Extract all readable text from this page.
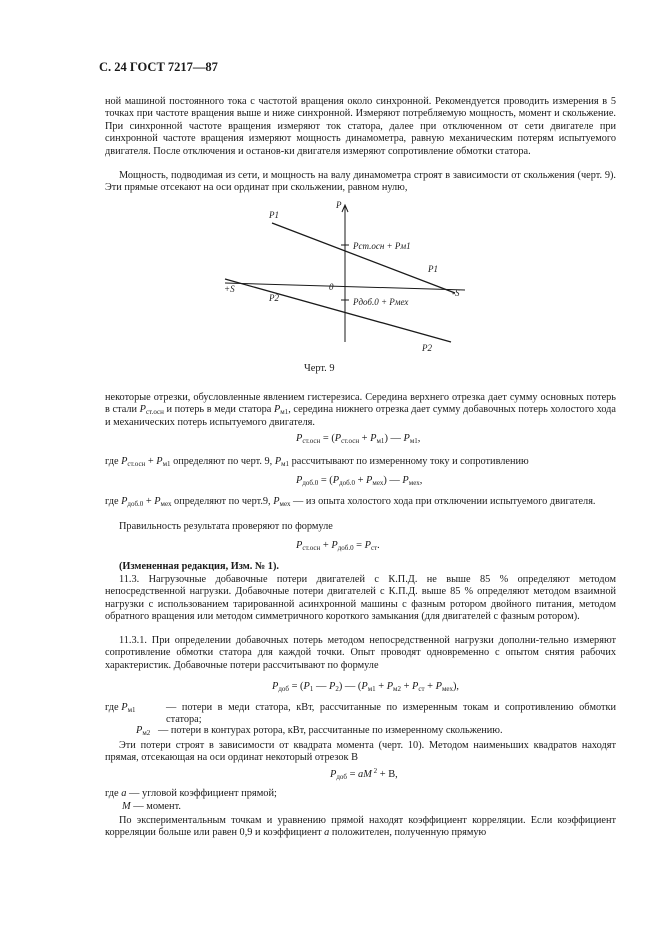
С. 24 ГОСТ 7217—87

ной машиной постоянного тока с частотой вращения около синхронной. Рекомендуется проводить измерения в 5 точках при частоте вращения выше и ниже синхронной. Измеряют потребляемую мощность, момент и скольжение. При синхронной частоте вращения измеряют ток статора, далее при отключенном от сети двигателе при синхронной частоте вращения измеряют мощность динамометра, равную механическим потерям испытуемого двигателя. После отключения и останов-ки двигателя измеряют сопротивление обмотки статора.

Мощность, подводимая из сети, и мощность на валу динамометра строят в зависимости от скольжения (черт. 9). Эти прямые отсекают на оси ординат при скольжении, равном нулю,

P1
P
Pст.осн + Pм1
P1
+S	0
-S
P2	Pдоб.0 + Pмех
P2
Черт. 9

некоторые отрезки, обусловленные явлением гистерезиса. Середина верхнего отрезка дает сумму основных потерь в стали $P_{ст.осн}$ и потерь в меди статора $P_{м1}$, середина нижнего отрезка дает сумму добавочных потерь холостого хода и механических потерь испытуемого двигателя.

$P_{ст.осн} = (P_{ст.осн} + P_{м1})$ — $P_{м1}$,

где $P_{ст.осн} + P_{м1}$ определяют по черт. 9, $P_{м1}$ рассчитывают по измеренному току и сопротивлению

$P_{доб.0} = (P_{доб.0} + P_{мех})$ — $P_{мех}$,

где $P_{доб.0} + P_{мех}$ определяют по черт.9, $P_{мех}$ — из опыта холостого хода при отключении испытуемого двигателя.

Правильность результата проверяют по формуле

$P_{ст.осн} + P_{доб.0} = P_{ст}$.

(Измененная редакция, Изм. № 1).

11.3. Нагрузочные добавочные потери двигателей с К.П.Д. не выше 85 % определяют методом непосредственной нагрузки. Добавочные потери двигателей с К.П.Д. выше 85 % определяют методом взаимной нагрузки с использованием тарированной асинхронной машины с фазным ротором двойного питания, методом обратного вращения или методом симметричного короткого замыкания (для двигателей с фазным ротором).

11.3.1. При определении добавочных потерь методом непосредственной нагрузки дополни-тельно измеряют сопротивление обмотки статора для каждой точки. Опыт проводят одновременно с опытом снятия рабочих характеристик. Добавочные потери рассчитывают по формуле

$P_{доб} = (P_1$ — $P_2$) — $(P_{м1} + P_{м2} + P_{ст} + P_{мех})$,
где $P_{м1}$	— потери в меди статора, кВт, рассчитанные по измеренным токам и сопротивлению обмотки статора;

$P_{м2}$ — потери в контурах ротора, кВт, рассчитанные по измеренному скольжению.

Эти потери строят в зависимости от квадрата момента (черт. 10). Методом наименьших квадратов находят прямая, отсекающая на оси ординат некоторый отрезок В

$P_{доб}$ = aM $^2$ + В,
где a — угловой коэффициент прямой;
M — момент.

По экспериментальным точкам и уравнению прямой находят коэффициент корреляции. Если коэффициент корреляции больше или равен 0,9 и коэффициент a положителен, полученную прямую
